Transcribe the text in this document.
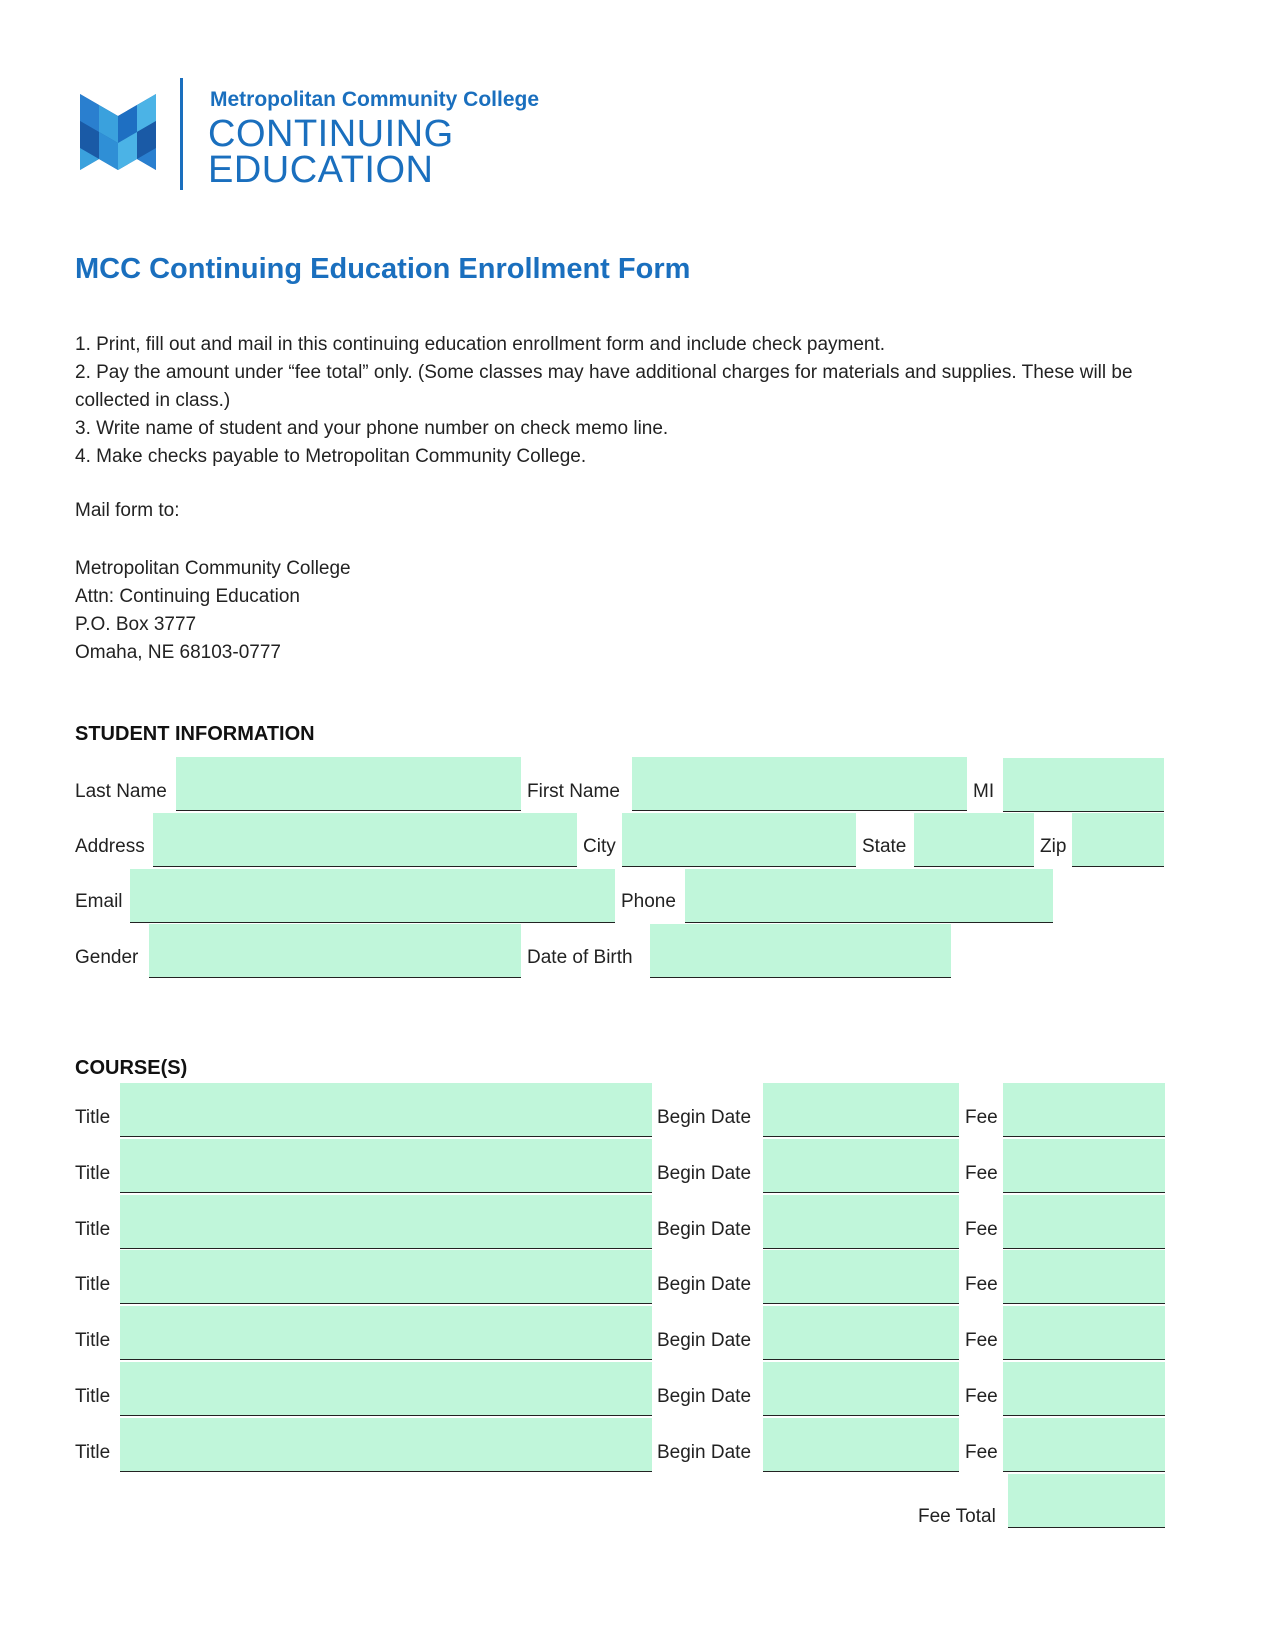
Metropolitan Community College
CONTINUING
EDUCATION
MCC Continuing Education Enrollment Form

1. Print, fill out and mail in this continuing education enrollment form and include check payment.

2. Pay the amount under “fee total” only. (Some classes may have additional charges for materials and supplies. These will be collected in class.)

3. Write name of student and your phone number on check memo line.

4. Make checks payable to Metropolitan Community College.

Mail form to:
Metropolitan Community College
Attn: Continuing Education
P.O. Box 3777
Omaha, NE 68103-0777
STUDENT INFORMATION
Last Name	First Name	MI
Address	City	State	Zip
Email	Phone
Gender	Date of Birth
COURSE(S)
Title	Begin Date	Fee
Title	Begin Date	Fee
Title	Begin Date	Fee
Title	Begin Date	Fee
Title	Begin Date	Fee
Title	Begin Date	Fee
Title	Begin Date	Fee
Fee Total
